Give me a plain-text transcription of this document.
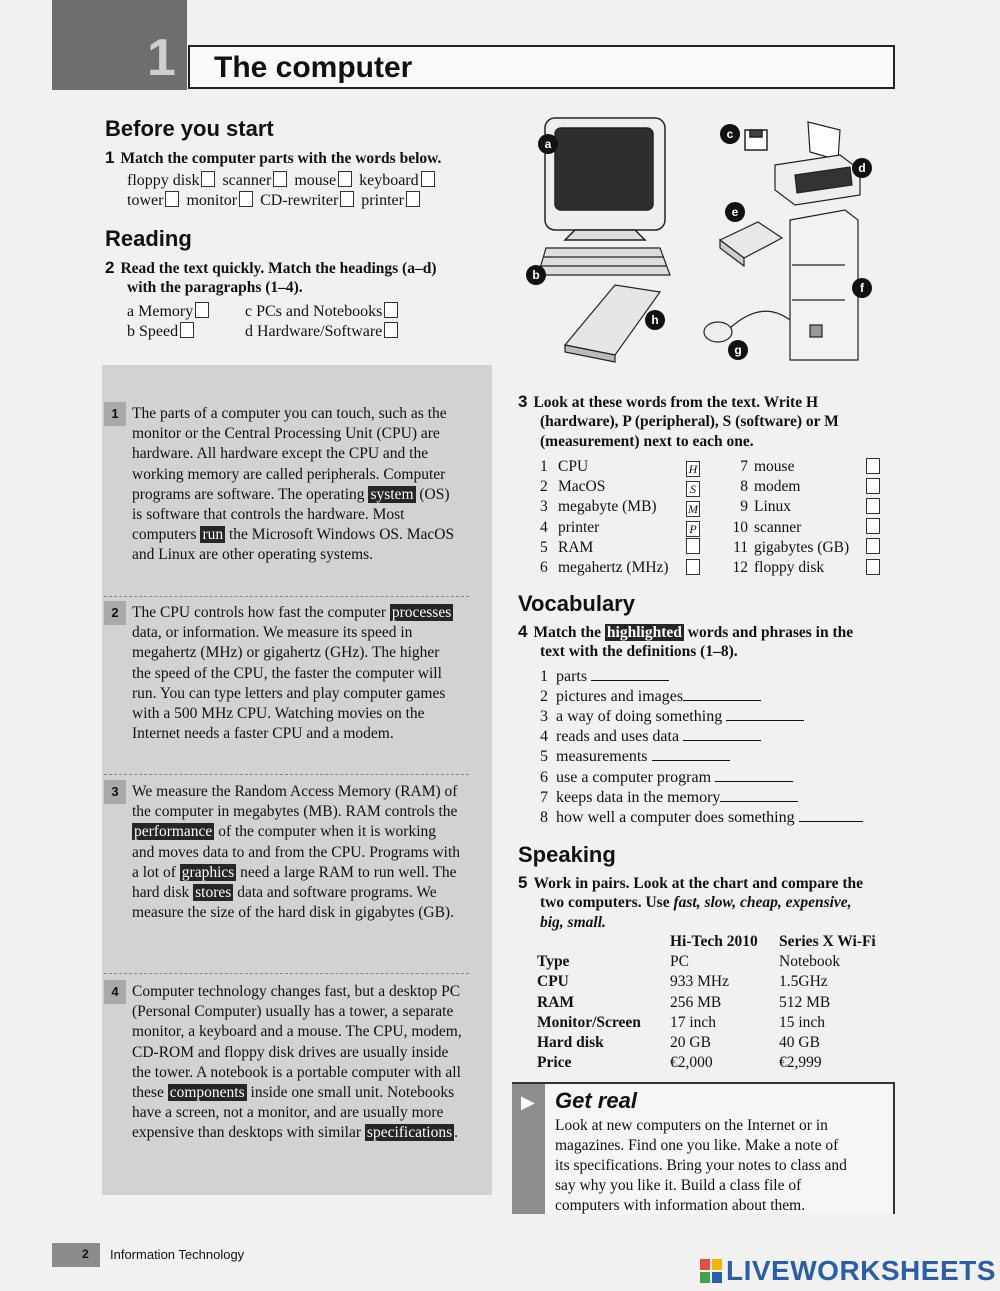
1 The computer
Before you start
1 Match the computer parts with the words below.
floppy disk scanner mouse keyboard
tower monitor CD-rewriter printer
Reading
2 Read the text quickly. Match the headings (a–d)
with the paragraphs (1–4).
a Memory
b Speed
c PCs and Notebooks
d Hardware/Software
1 The parts of a computer you can touch, such as the monitor or the Central Processing Unit (CPU) are hardware. All hardware except the CPU and the working memory are called peripherals. Computer programs are software. The operating system (OS) is software that controls the hardware. Most computers run the Microsoft Windows OS. MacOS and Linux are other operating systems.
2 The CPU controls how fast the computer processes data, or information. We measure its speed in megahertz (MHz) or gigahertz (GHz). The higher the speed of the CPU, the faster the computer will run. You can type letters and play computer games with a 500 MHz CPU. Watching movies on the Internet needs a faster CPU and a modem.
3 We measure the Random Access Memory (RAM) of the computer in megabytes (MB). RAM controls the performance of the computer when it is working and moves data to and from the CPU. Programs with a lot of graphics need a large RAM to run well. The hard disk stores data and software programs. We measure the size of the hard disk in gigabytes (GB).
4 Computer technology changes fast, but a desktop PC (Personal Computer) usually has a tower, a separate monitor, a keyboard and a mouse. The CPU, modem, CD-ROM and floppy disk drives are usually inside the tower. A notebook is a portable computer with all these components inside one small unit. Notebooks have a screen, not a monitor, and are usually more expensive than desktops with similar specifications .
a
b
c
d
e
f
g
h
3 Look at these words from the text. Write H
(hardware), P (peripheral), S (software) or M
(measurement) next to each one.
1	CPU	H
2	MacOS	S
3	megabyte (MB)	M
4	printer	P
5	RAM	
6	megahertz (MHz)	
7	mouse	
8	modem	
9	Linux	
10	scanner	
11	gigabytes (GB)	
12	floppy disk	
Vocabulary
4 Match the highlighted words and phrases in the
text with the definitions (1–8).
1 parts
2 pictures and images
3 a way of doing something
4 reads and uses data
5 measurements
6 use a computer program
7 keeps data in the memory
8 how well a computer does something
Speaking
5 Work in pairs. Look at the chart and compare the
two computers. Use fast, slow, cheap, expensive,
big, small.
	Hi-Tech 2010	Series X Wi-Fi
Type	PC	Notebook
CPU	933 MHz	1.5GHz
RAM	256 MB	512 MB
Monitor/Screen	17 inch	15 inch
Hard disk	20 GB	40 GB
Price	€2,000	€2,999
▶ Get real
Look at new computers on the Internet or in
magazines. Find one you like. Make a note of
its specifications. Bring your notes to class and
say why you like it. Build a class file of
computers with information about them.
2 Information Technology
LIVEWORKSHEETS
